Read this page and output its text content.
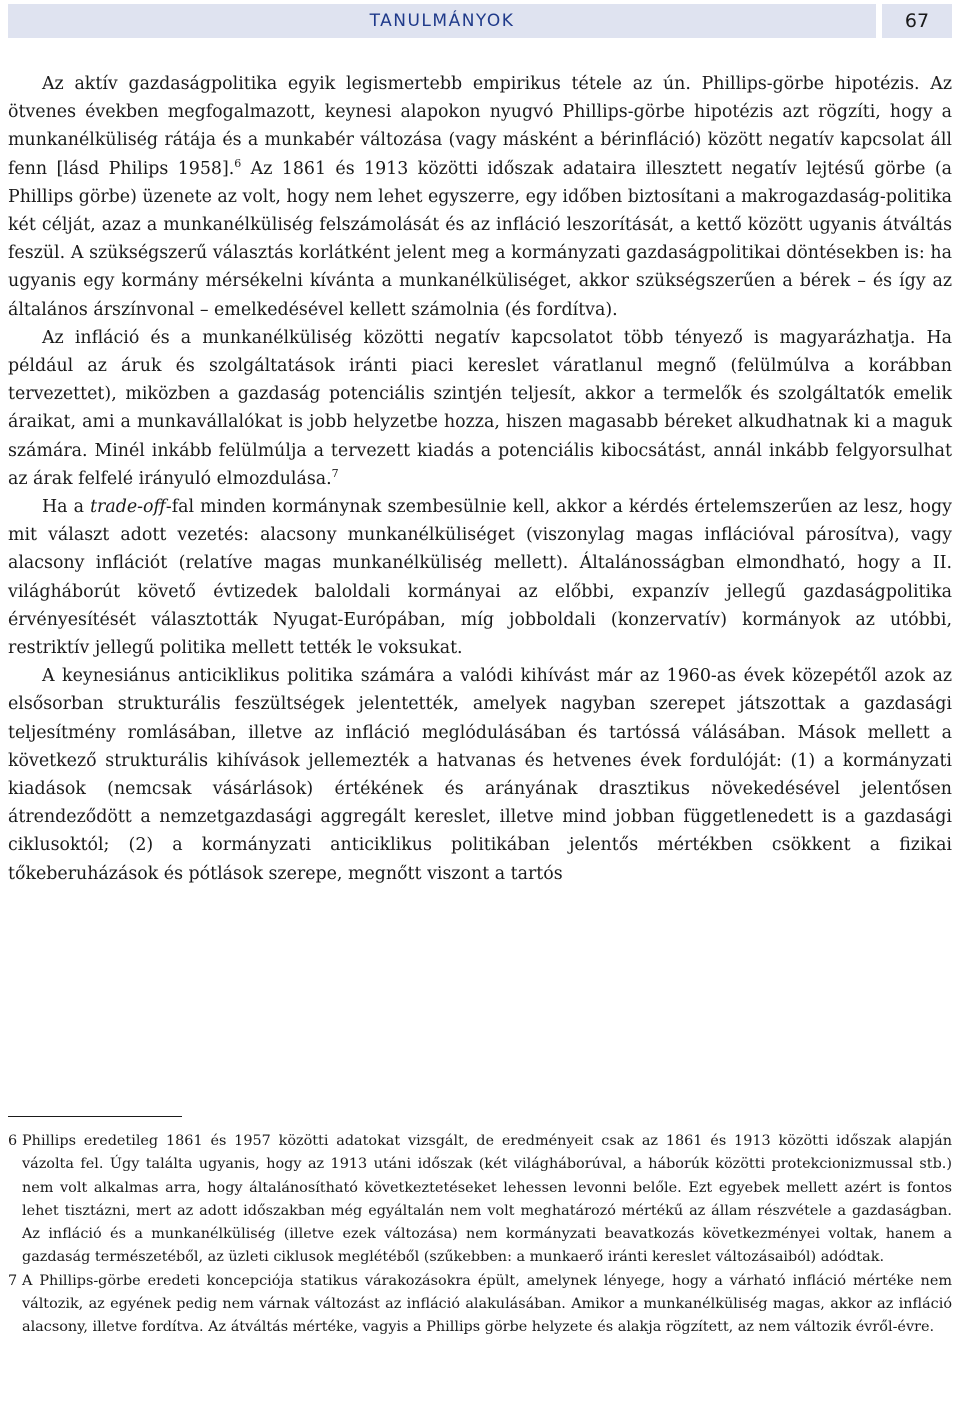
TANULMÁNYOK	67

Az aktív gazdaságpolitika egyik legismertebb empirikus tétele az ún. Phillips-görbe hipotézis. Az ötvenes években megfogalmazott, keynesi alapokon nyugvó Phillips-görbe hipotézis azt rögzíti, hogy a munkanélküliség rátája és a munkabér változása (vagy másként a bérinfláció) között negatív kapcsolat áll fenn [lásd Philips 1958].$^6$ Az 1861 és 1913 közötti időszak adataira illesztett negatív lejtésű görbe (a Phillips görbe) üzenete az volt, hogy nem lehet egyszerre, egy időben biztosítani a makrogazdaság-politika két célját, azaz a munkanélküliség felszámolását és az infláció leszorítását, a kettő között ugyanis átváltás feszül. A szükségszerű választás korlátként jelent meg a kormányzati gazdaságpolitikai döntésekben is: ha ugyanis egy kormány mérsékelni kívánta a munkanélküliséget, akkor szükségszerűen a bérek – és így az általános árszínvonal – emelkedésével kellett számolnia (és fordítva).

Az infláció és a munkanélküliség közötti negatív kapcsolatot több tényező is magyarázhatja. Ha például az áruk és szolgáltatások iránti piaci kereslet váratlanul megnő (felülmúlva a korábban tervezettet), miközben a gazdaság potenciális szintjén teljesít, akkor a termelők és szolgáltatók emelik áraikat, ami a munkavállalókat is jobb helyzetbe hozza, hiszen magasabb béreket alkudhatnak ki a maguk számára. Minél inkább felülmúlja a tervezett kiadás a potenciális kibocsátást, annál inkább felgyorsulhat az árak felfelé irányuló elmozdulása.$^7$

Ha a trade-off-fal minden kormánynak szembesülnie kell, akkor a kérdés értelemszerűen az lesz, hogy mit választ adott vezetés: alacsony munkanélküliséget (viszonylag magas inflációval párosítva), vagy alacsony inflációt (relatíve magas munkanélküliség mellett). Általánosságban elmondható, hogy a II. világháborút követő évtizedek baloldali kormányai az előbbi, expanzív jellegű gazdaságpolitika érvényesítését választották Nyugat-Európában, míg jobboldali (konzervatív) kormányok az utóbbi, restriktív jellegű politika mellett tették le voksukat.

A keynesiánus anticiklikus politika számára a valódi kihívást már az 1960-as évek közepétől azok az elsősorban strukturális feszültségek jelentették, amelyek nagyban szerepet játszottak a gazdasági teljesítmény romlásában, illetve az infláció meglódulásában és tartóssá válásában. Mások mellett a következő strukturális kihívások jellemezték a hatvanas és hetvenes évek fordulóját: (1) a kormányzati kiadások (nemcsak vásárlások) értékének és arányának drasztikus növekedésével jelentősen átrendeződött a nemzetgazdasági aggregált kereslet, illetve mind jobban függetlenedett is a gazdasági ciklusoktól; (2) a kormányzati anticiklikus politikában jelentős mértékben csökkent a fizikai tőkeberuházások és pótlások szerepe, megnőtt viszont a tartós

6 Phillips eredetileg 1861 és 1957 közötti adatokat vizsgált, de eredményeit csak az 1861 és 1913 közötti időszak alapján vázolta fel. Úgy találta ugyanis, hogy az 1913 utáni időszak (két világháborúval, a háborúk közötti protekcionizmussal stb.) nem volt alkalmas arra, hogy általánosítható következtetéseket lehessen levonni belőle. Ezt egyebek mellett azért is fontos lehet tisztázni, mert az adott időszakban még egyáltalán nem volt meghatározó mértékű az állam részvétele a gazdaságban. Az infláció és a munkanélküliség (illetve ezek változása) nem kormányzati beavatkozás következményei voltak, hanem a gazdaság természetéből, az üzleti ciklusok meglétéből (szűkebben: a munkaerő iránti kereslet változásaiból) adódtak.
7 A Phillips-görbe eredeti koncepciója statikus várakozásokra épült, amelynek lényege, hogy a várható infláció mértéke nem változik, az egyének pedig nem várnak változást az infláció alakulásában. Amikor a munkanélküliség magas, akkor az infláció alacsony, illetve fordítva. Az átváltás mértéke, vagyis a Phillips görbe helyzete és alakja rögzített, az nem változik évről-évre.
